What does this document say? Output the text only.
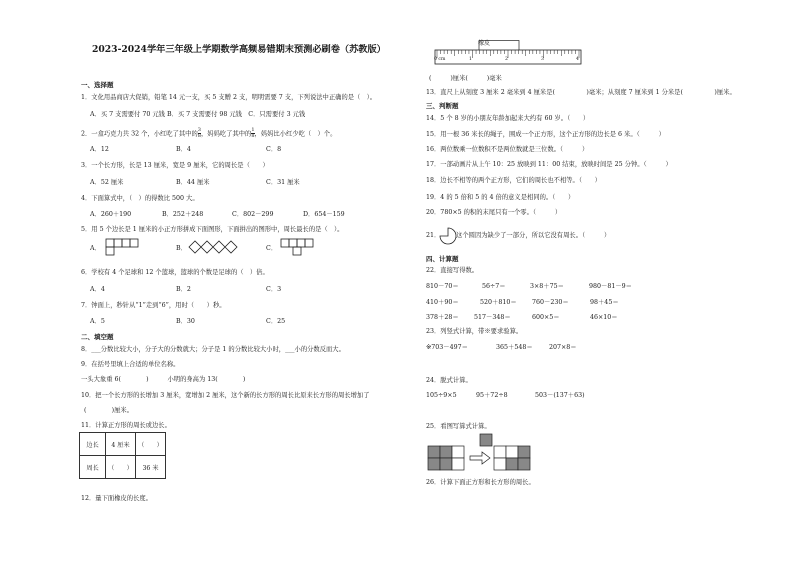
2023-2024学年三年级上学期数学高频易错期末预测必刷卷（苏教版）
一、选择题
1．文化用品商店大促销，铅笔 14 元一支，买 5 支赠 2 支，明明需要 7 支，下列说法中正确的是（　）。
A．买 7 支需要付 70 元钱 B．买 7 支需要付 98 元钱　C．只需要付 3 元钱
2．一盒巧克力共 32 个，小红吃了其中的 $\frac{3}{8}$ ，妈妈吃了其中的 $\frac{1}{8}$ ，妈妈比小红少吃（　）个。
A．12	B．4	C．8
3．一个长方形，长是 13 厘米，宽是 9 厘米，它的周长是（　　）
A．52 厘米	B．44 厘米	C．31 厘米
4．下面算式中，（　）的得数比 500 大。
A．260＋190	B．252＋248	C．802－299	D．654－159
5．用 5 个边长是 1 厘米的小正方形拼成下面图形，下面拼出的图形中，周长最长的是（　）。
A．	B．	C．
6．学校有 4 个足球和 12 个篮球，篮球的个数是足球的（　）倍。
A．4	B．2	C．3
7．钟面上，秒针从“1”走到“6”，用时（　　）秒。
A．5	B．30	C．25
二、填空题
8．___分数比较大小，分子大的分数就大；分子是 1 的分数比较大小时，___小的分数反而大。
9．在括号里填上合适的单位名称。
一头大象重 6(　　　　)　　　小明的身高为 13(　　　　)
10．把一个长方形的长增加 3 厘米，宽增加 2 厘米，这个新的长方形的周长比原来长方形的周长增加了
(　　　　)厘米。
11．计算正方形的周长或边长。
边长	4 厘米	（　　）
周长	（　　）	36 米
12．量下面橡皮的长度。
橡皮
0 cm	1	2	3	4
(　　　)厘米(　　　)毫米
13．直尺上从刻度 3 厘米 2 毫米到 4 厘米是(　　　　　)毫米；从刻度 7 厘米到 1 分米是(　　　　　)厘米。
三、判断题
14．5 个 8 岁的小朋友年龄加起来大约有 60 岁。（　　）
15．用一根 36 米长的绳子，围成一个正方形，这个正方形的边长是 6 米。（　　　）
16．两位数乘一位数积不是两位数就是三位数。（　　　）
17．一部动画片从上午 10：25 放映到 11：00 结束，放映时间是 25 分钟。（　　　）
18．边长不相等的两个正方形，它们的周长也不相等。（　　）
19．4 的 5 倍和 5 的 4 倍的意义是相同的。（　　）
20．780×5 的积的末尾只有一个零。（　　　）
21．　　　这个圆因为缺少了一部分，所以它没有周长。（　　　）
四、计算题
22．直接写得数。
810－70＝	56÷7＝	3×8＋75＝	980－81－9＝
410＋90＝	520＋810＝ 760－230＝	98＋45＝
378＋28＝ 517－348＝	600×5＝	46×10＝
23．列竖式计算，带※要求验算。
※703－497＝	365＋548＝	207×8＝
24．脱式计算。
105÷9×5	95＋72÷8	503－(137＋63)
25．看图写算式计算。
26．计算下面正方形和长方形的周长。
